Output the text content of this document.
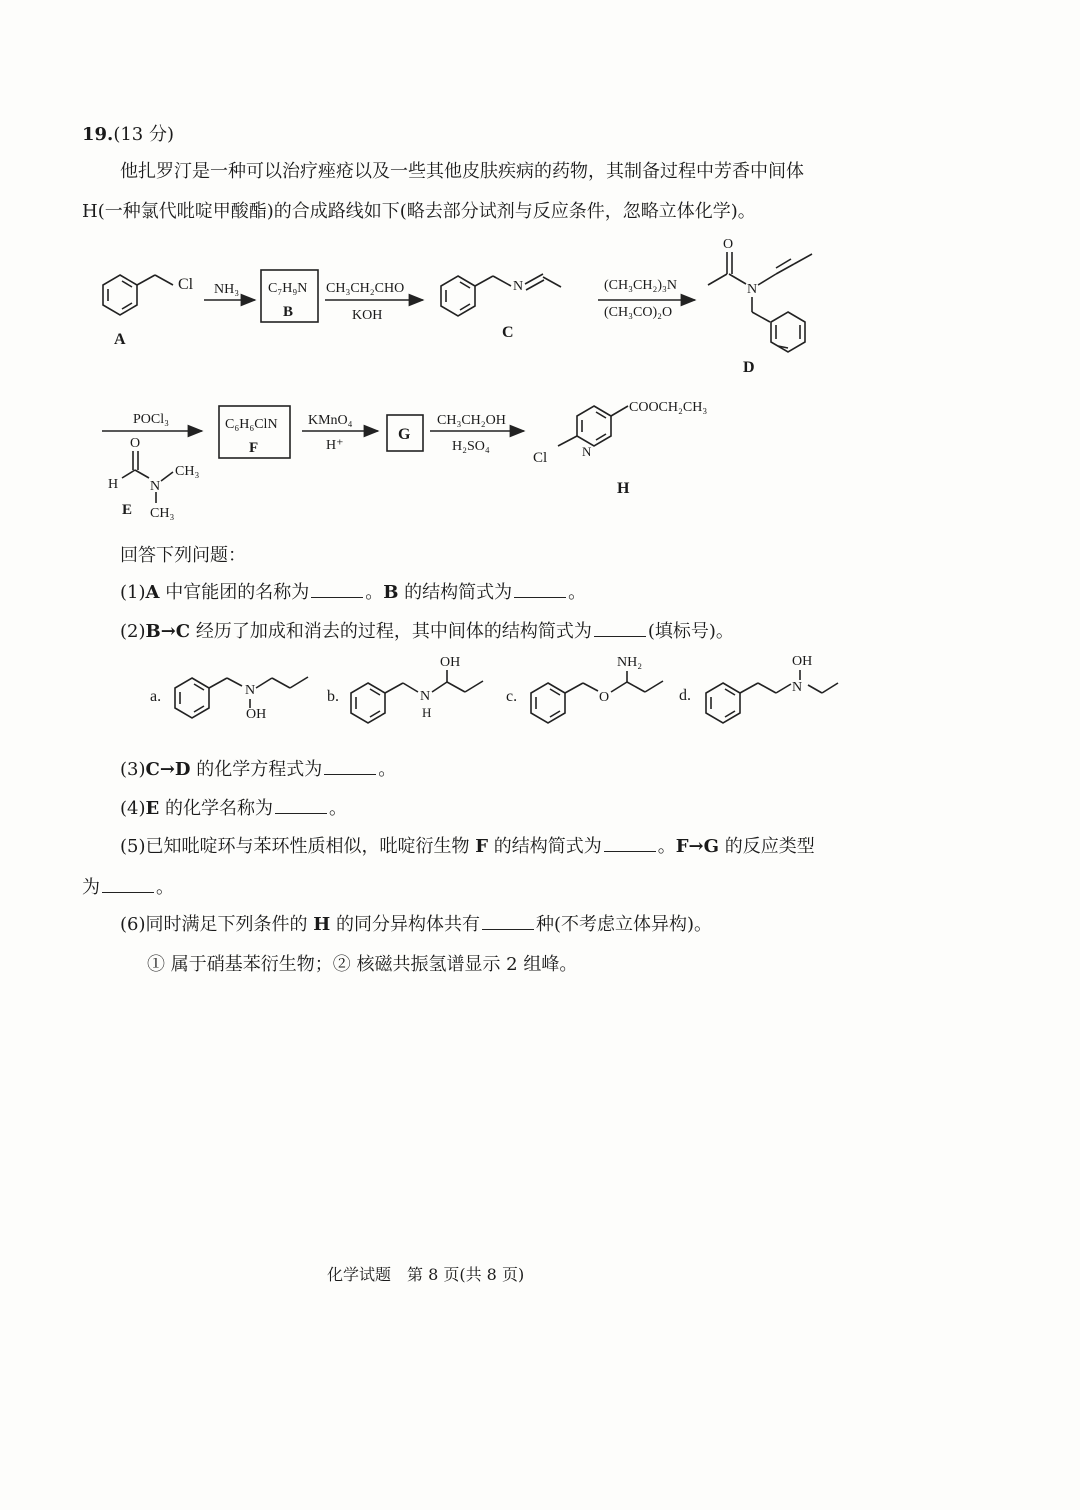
19.(13 分)
他扎罗汀是一种可以治疗痤疮以及一些其他皮肤疾病的药物，其制备过程中芳香中间体
H(一种氯代吡啶甲酸酯)的合成路线如下(略去部分试剂与反应条件，忽略立体化学)。
Cl
A
NH₃ C₇H₉N
B
CH₃CH₂CHO
KOH
N
C
(CH₃CH₂)₃N
(CH₃CO)₂O
O
N
D
POCl₃
O
H N
CH₃
CH₃
E
C₆H₆ClN
F
KMnO₄
H⁺
G
CH₃CH₂OH
H₂SO₄
COOCH₂CH₃
Cl	N
H
a.	N
OH
b.	N
H
OH
c.	O
NH₂
d.	N
OH
回答下列问题：
(1)A 中官能团的名称为	。B 的结构简式为	。
(2)B→C 经历了加成和消去的过程，其中间体的结构简式为	(填标号)。
(3)C→D 的化学方程式为	。
(4)E 的化学名称为	。
(5)已知吡啶环与苯环性质相似，吡啶衍生物 F 的结构简式为	。F→G 的反应类型
为	。
(6)同时满足下列条件的 H 的同分异构体共有	种(不考虑立体异构)。
① 属于硝基苯衍生物；② 核磁共振氢谱显示 2 组峰。
化学试题　第 8 页(共 8 页)
